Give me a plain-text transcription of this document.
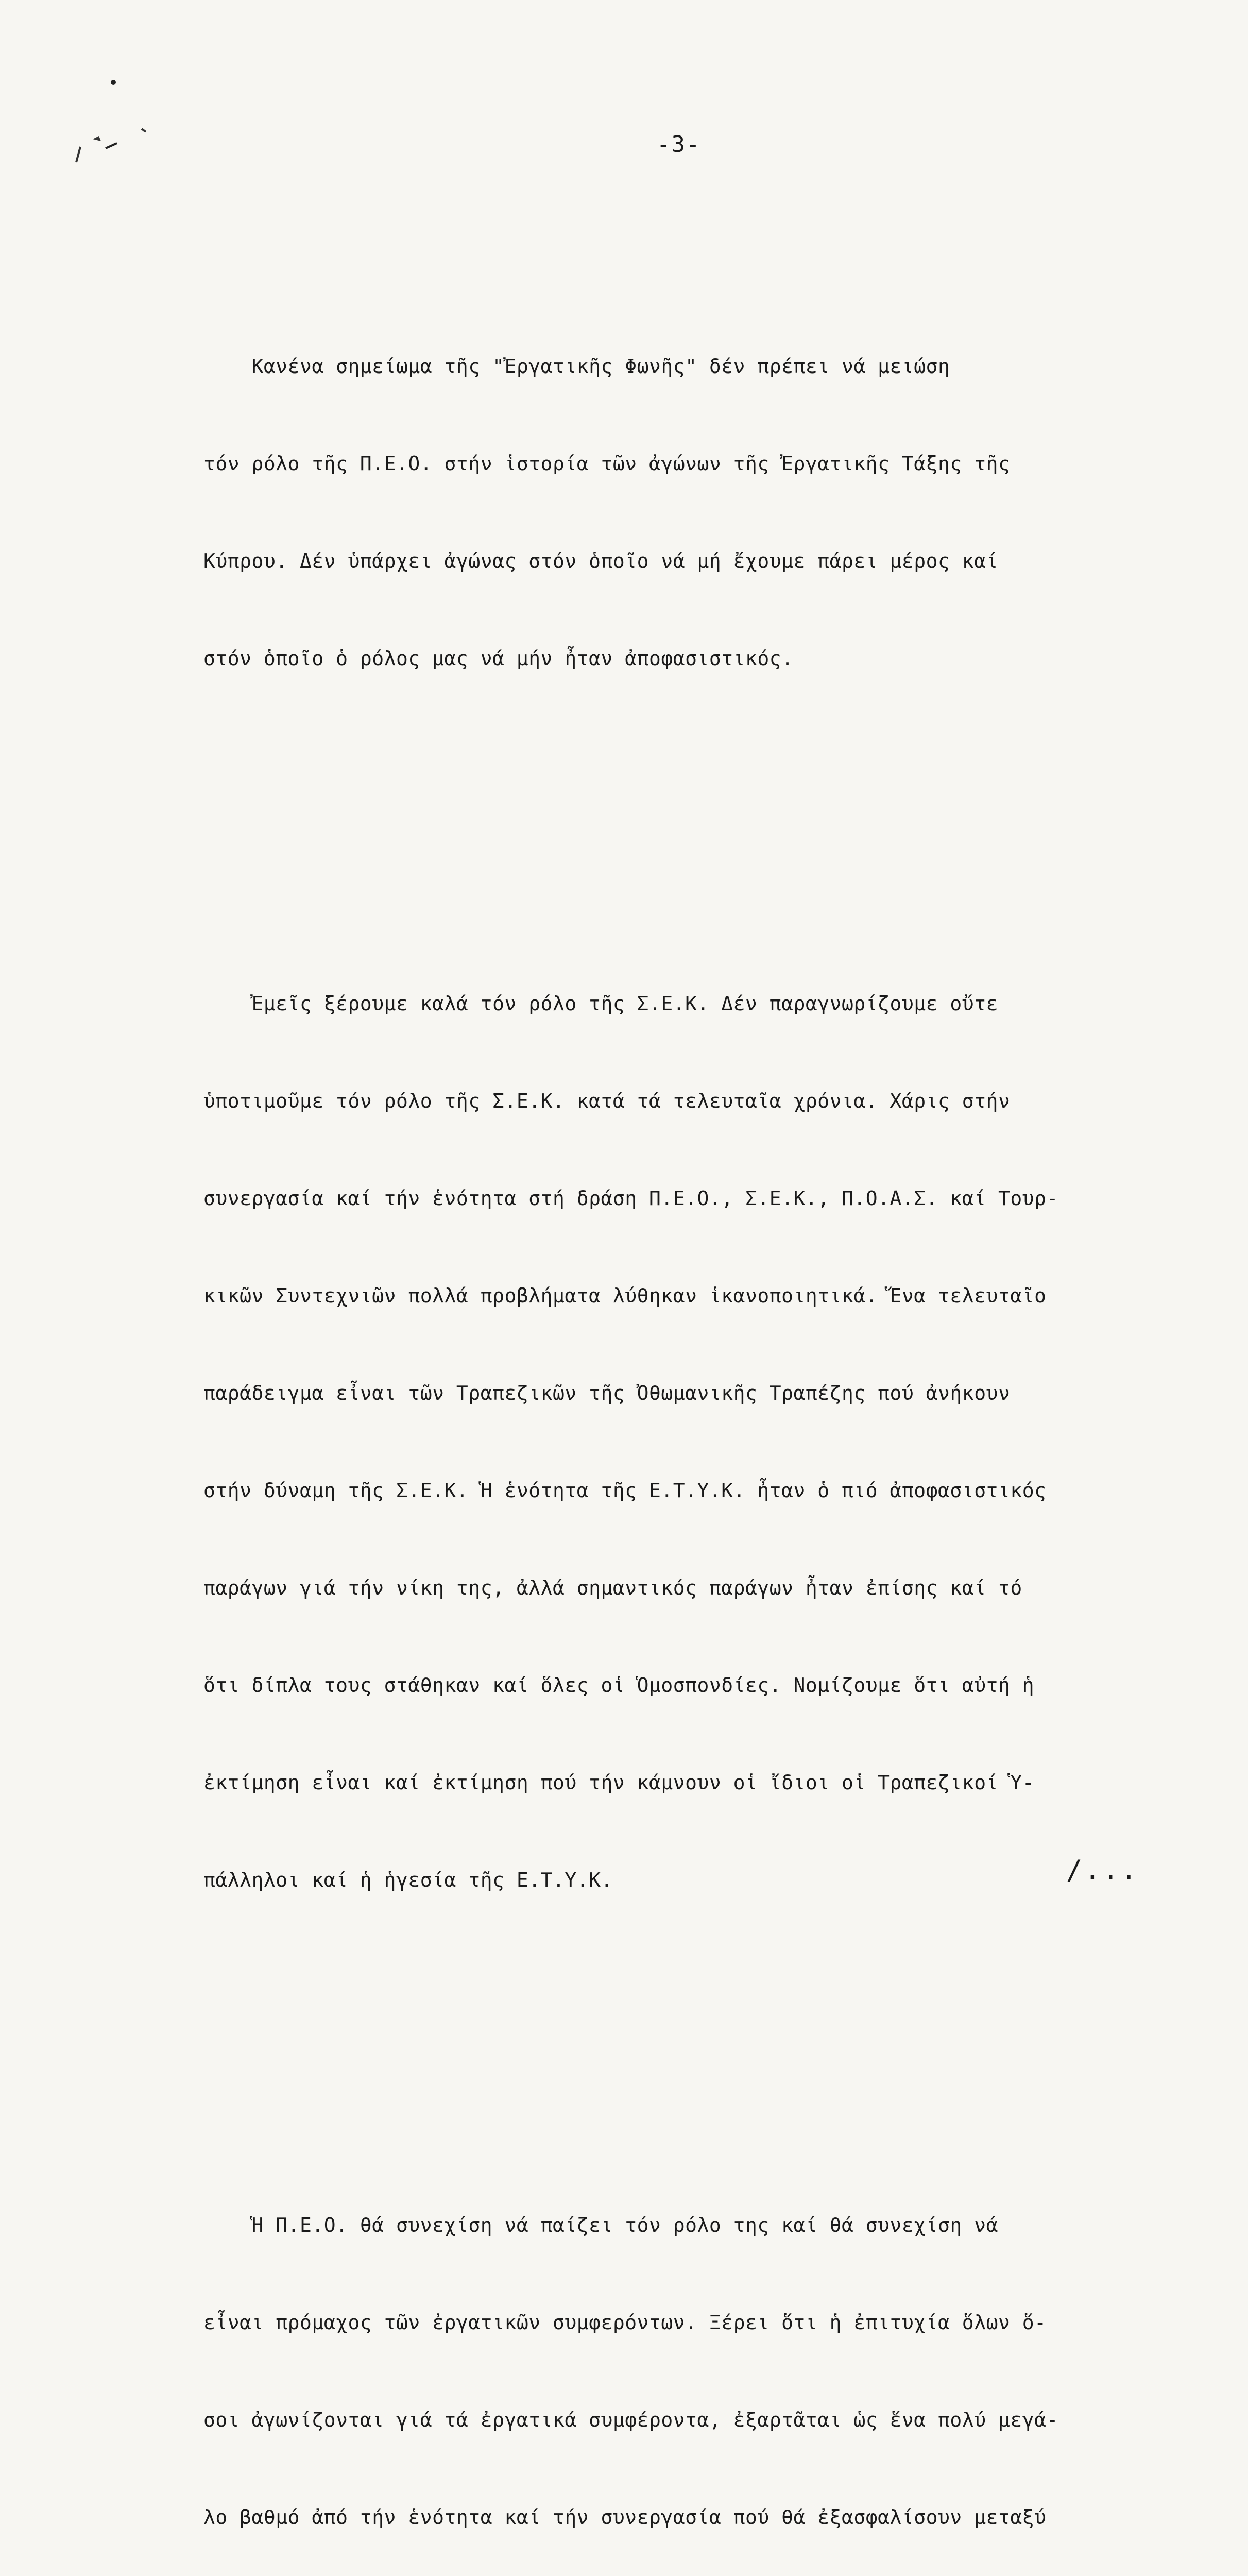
-3-

Κανένα σημείωμα τῆς "Ἐργατικῆς Φωνῆς" δέν πρέπει νά μειώση

τόν ρόλο τῆς Π.Ε.Ο. στήν ἱστορία τῶν ἀγώνων τῆς Ἐργατικῆς Τάξης τῆς

Κύπρου. Δέν ὑπάρχει ἀγώνας στόν ὁποῖο νά μή ἔχουμε πάρει μέρος καί

στόν ὁποῖο ὁ ρόλος μας νά μήν ἦταν ἀποφασιστικός.

Ἐμεῖς ξέρουμε καλά τόν ρόλο τῆς Σ.Ε.Κ. Δέν παραγνωρίζουμε οὔτε

ὑποτιμοῦμε τόν ρόλο τῆς Σ.Ε.Κ. κατά τά τελευταῖα χρόνια. Χάρις στήν

συνεργασία καί τήν ἑνότητα στή δράση Π.Ε.Ο., Σ.Ε.Κ., Π.Ο.Α.Σ. καί Τουρ-

κικῶν Συντεχνιῶν πολλά προβλήματα λύθηκαν ἱκανοποιητικά. Ἕνα τελευταῖο

παράδειγμα εἶναι τῶν Τραπεζικῶν τῆς Ὀθωμανικῆς Τραπέζης πού ἀνήκουν

στήν δύναμη τῆς Σ.Ε.Κ. Ἡ ἑνότητα τῆς Ε.Τ.Υ.Κ. ἦταν ὁ πιό ἀποφασιστικός

παράγων γιά τήν νίκη της, ἀλλά σημαντικός παράγων ἦταν ἐπίσης καί τό

ὅτι δίπλα τους στάθηκαν καί ὅλες οἱ Ὁμοσπονδίες. Νομίζουμε ὅτι αὐτή ἡ

ἐκτίμηση εἶναι καί ἐκτίμηση πού τήν κάμνουν οἱ ἴδιοι οἱ Τραπεζικοί Ὑ-

πάλληλοι καί ἡ ἡγεσία τῆς Ε.Τ.Υ.Κ.

Ἡ Π.Ε.Ο. θά συνεχίση νά παίζει τόν ρόλο της καί θά συνεχίση νά

εἶναι πρόμαχος τῶν ἐργατικῶν συμφερόντων. Ξέρει ὅτι ἡ ἐπιτυχία ὅλων ὅ-

σοι ἀγωνίζονται γιά τά ἐργατικά συμφέροντα, ἐξαρτᾶται ὡς ἕνα πολύ μεγά-

λο βαθμό ἀπό τήν ἑνότητα καί τήν συνεργασία πού θά ἐξασφαλίσουν μεταξύ

/...
